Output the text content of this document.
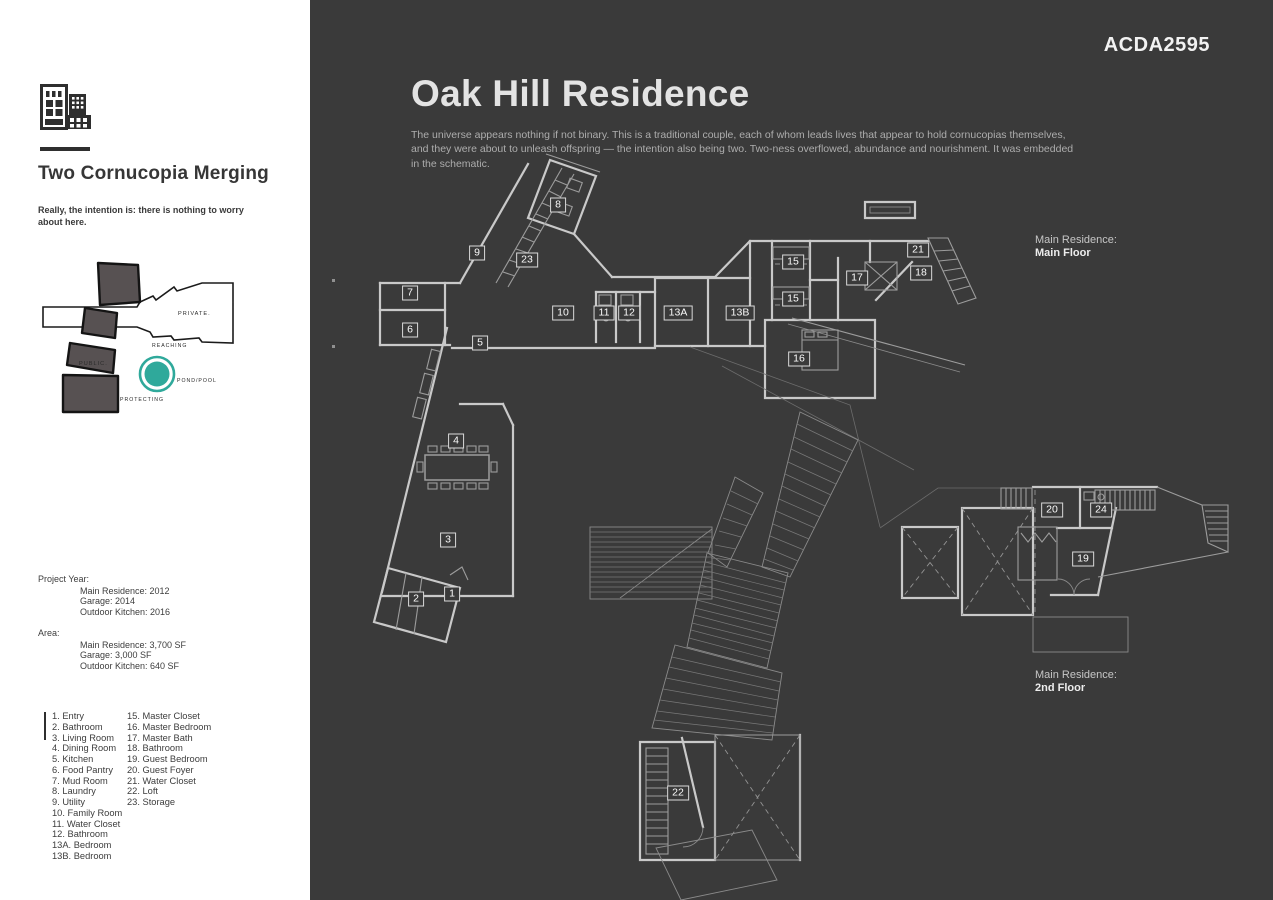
Two Cornucopia Merging
Really, the intention is: there is nothing to worry about here.
PRIVATE.
REACHING
PUBLIC.
POND/POOL
PROTECTING
Project Year:
Main Residence: 2012
Garage: 2014
Outdoor Kitchen: 2016
Area:
Main Residence: 3,700 SF
Garage: 3,000 SF
Outdoor Kitchen: 640 SF
1. Entry
2. Bathroom
3. Living Room
4. Dining Room
5. Kitchen
6. Food Pantry
7. Mud Room
8. Laundry
9. Utility
10. Family Room
11. Water Closet
12. Bathroom
13A. Bedroom
13B. Bedroom
15. Master Closet
16. Master Bedroom
17. Master Bath
18. Bathroom
19. Guest Bedroom
20. Guest Foyer
21. Water Closet
22. Loft
23. Storage
ACDA2595
Oak Hill Residence
The universe appears nothing if not binary. This is a traditional couple, each of whom leads lives that appear to hold cornucopias themselves, and they were about to unleash offspring — the intention also being two. Two-ness overflowed, abundance and nourishment. It was embedded in the schematic.
Main Residence:
Main Floor
Main Residence:
2nd Floor
8
9
23
7
6
5
10	11	12	13A	13B
15
15
16
17
21
18
4
3
1
2
20	24
19
22
